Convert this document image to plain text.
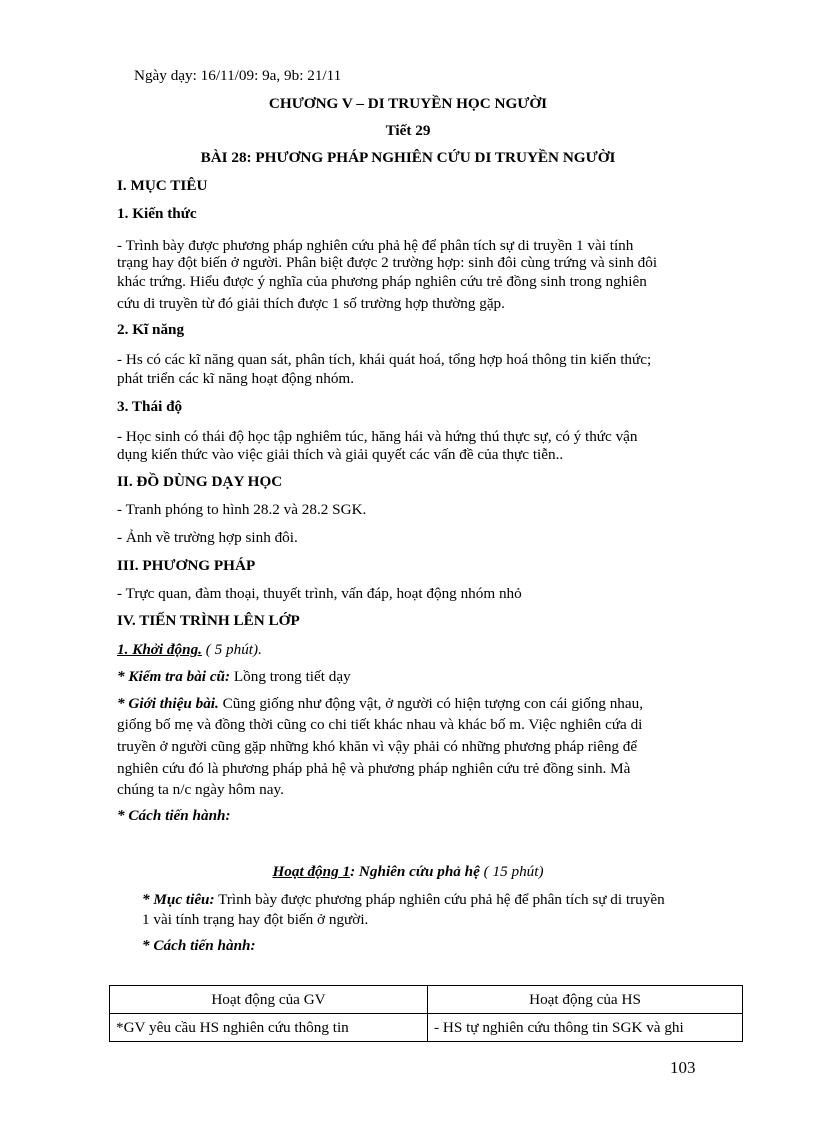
Ngày dạy: 16/11/09: 9a, 9b: 21/11
CHƯƠNG V – DI TRUYỀN HỌC NGƯỜI
Tiết 29
BÀI 28: PHƯƠNG PHÁP NGHIÊN CỨU DI TRUYỀN NGƯỜI
I. MỤC TIÊU
1. Kiến thức
- Trình bày được phương pháp nghiên cứu phả hệ để phân tích sự di truyền 1 vài tính
trạng hay đột biến ở người. Phân biệt được 2 trường hợp: sinh đôi cùng trứng và sinh đôi
khác trứng. Hiểu được ý nghĩa của phương pháp nghiên cứu trẻ đồng sinh trong nghiên
cứu di truyền từ đó giải thích được 1 số trường hợp thường gặp.
2. Kĩ năng
- Hs có các kĩ năng quan sát, phân tích, khái quát hoá, tổng hợp hoá thông tin kiến thức;
phát triển các kĩ năng hoạt động nhóm.
3. Thái độ
- Học sinh có thái độ học tập nghiêm túc, hăng hái và hứng thú thực sự, có ý thức vận
dụng kiến thức vào việc giải thích và giải quyết các vấn đề của thực tiễn..
II. ĐỒ DÙNG DẠY HỌC
- Tranh phóng to hình 28.2 và 28.2 SGK.
- Ảnh về trường hợp sinh đôi.
III. PHƯƠNG PHÁP
- Trực quan, đàm thoại, thuyết trình, vấn đáp, hoạt động nhóm nhỏ
IV. TIẾN TRÌNH LÊN LỚP
1. Khởi động. ( 5 phút).
* Kiểm tra bài cũ: Lồng trong tiết dạy
* Giới thiệu bài. Cũng giống như động vật, ở người có hiện tượng con cái giống nhau,
giống bố mẹ và đồng thời cũng co chi tiết khác nhau và khác bố m. Việc nghiên cứa di
truyền ở người cũng gặp những khó khăn vì vậy phải có những phương pháp riêng để
nghiên cứu đó là phương pháp phả hệ và phương pháp nghiên cứu trẻ đồng sinh. Mà
chúng ta n/c ngày hôm nay.
* Cách tiến hành:
Hoạt động 1: Nghiên cứu phả hệ ( 15 phút)
* Mục tiêu: Trình bày được phương pháp nghiên cứu phả hệ để phân tích sự di truyền
1 vài tính trạng hay đột biến ở người.
* Cách tiến hành:
Hoạt động của GV	Hoạt động của HS
*GV yêu cầu HS nghiên cứu thông tin	- HS tự nghiên cứu thông tin SGK và ghi
103
